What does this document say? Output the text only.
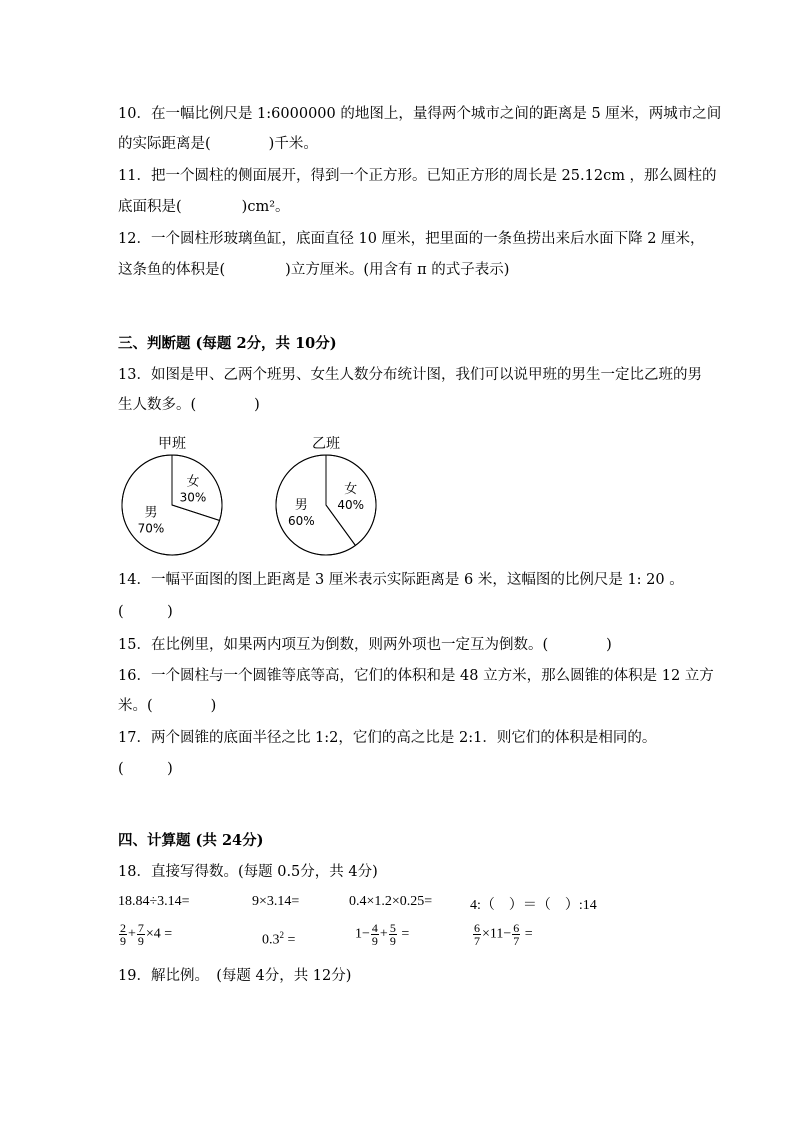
10．在一幅比例尺是 1:6000000 的地图上，量得两个城市之间的距离是 5 厘米，两城市之间
的实际距离是(	)千米。
11．把一个圆柱的侧面展开，得到一个正方形。已知正方形的周长是 25.12cm ，那么圆柱的
底面积是(	)cm²。
12．一个圆柱形玻璃鱼缸，底面直径 10 厘米，把里面的一条鱼捞出来后水面下降 2 厘米，
这条鱼的体积是(	)立方厘米。(用含有 π 的式子表示)
三、判断题 (每题 2分，共 10分)
13．如图是甲、乙两个班男、女生人数分布统计图，我们可以说甲班的男生一定比乙班的男
生人数多。(　　　　)
甲班
女
30%
男
70%
乙班
女
40%
男
60%
14．一幅平面图的图上距离是 3 厘米表示实际距离是 6 米，这幅图的比例尺是 1: 20 。
(　　　)
15．在比例里，如果两内项互为倒数，则两外项也一定互为倒数。(　　　　)
16．一个圆柱与一个圆锥等底等高，它们的体积和是 48 立方米，那么圆锥的体积是 12 立方
米。(　　　　)
17．两个圆锥的底面半径之比 1:2，它们的高之比是 2:1．则它们的体积是相同的。
(　　　)
四、计算题 (共 24分)
18．直接写得数。(每题 0.5分，共 4分)
18.84÷3.14=	9×3.14=	0.4×1.2×0.25=	4:（　）＝（　）:14
$\frac{2}{9} + \frac{7}{9} \times 4$ =	$0.3^2$ =	$1- \frac{4}{9} + \frac{5}{9}$ =	$\frac{6}{7} \times 11- \frac{6}{7}$ =
19．解比例。　(每题 4分，共 12分)
